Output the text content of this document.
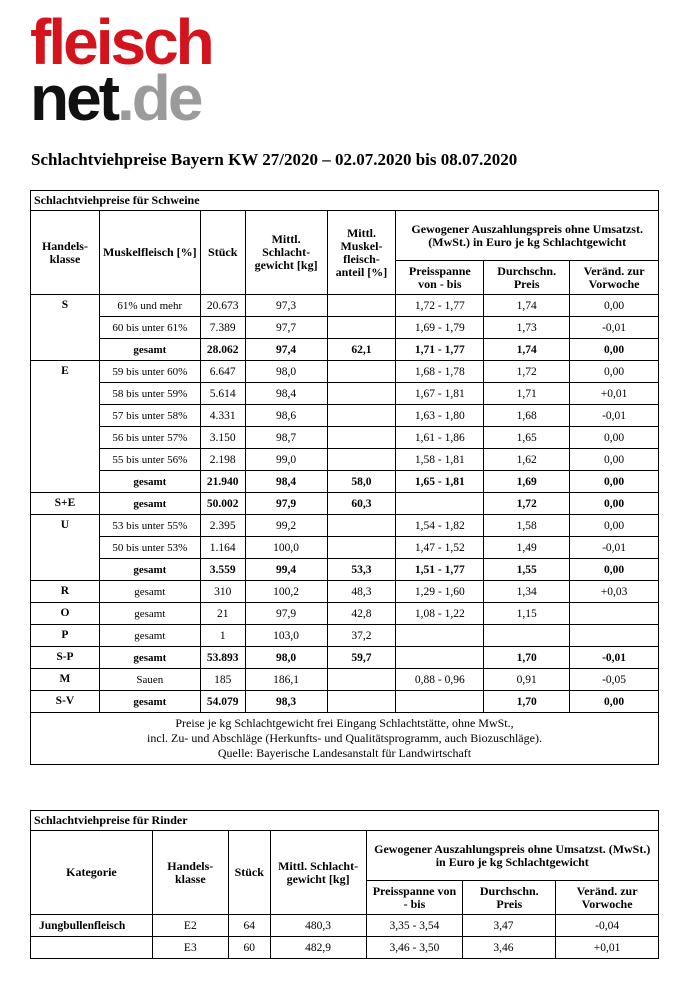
fleisch
net.de
Schlachtviehpreise Bayern KW 27/2020 – 02.07.2020 bis 08.07.2020
Schlachtviehpreise für Schweine							
Handels-klasse	Muskelfleisch [%]	Stück	Mittl. Schlacht-gewicht [kg]	Mittl. Muskel-fleisch-anteil [%]	Gewogener Auszahlungspreis ohne Umsatzst. (MwSt.) in Euro je kg Schlachtgewicht		
					Preisspanne von - bis	Durchschn. Preis	Veränd. zur Vorwoche
S	61% und mehr	20.673	97,3		1,72 - 1,77	1,74	0,00
	60 bis unter 61%	7.389	97,7		1,69 - 1,79	1,73	-0,01
	gesamt	28.062	97,4	62,1	1,71 - 1,77	1,74	0,00
E	59 bis unter 60%	6.647	98,0		1,68 - 1,78	1,72	0,00
	58 bis unter 59%	5.614	98,4		1,67 - 1,81	1,71	+0,01
	57 bis unter 58%	4.331	98,6		1,63 - 1,80	1,68	-0,01
	56 bis unter 57%	3.150	98,7		1,61 - 1,86	1,65	0,00
	55 bis unter 56%	2.198	99,0		1,58 - 1,81	1,62	0,00
	gesamt	21.940	98,4	58,0	1,65 - 1,81	1,69	0,00
S+E	gesamt	50.002	97,9	60,3		1,72	0,00
U	53 bis unter 55%	2.395	99,2		1,54 - 1,82	1,58	0,00
	50 bis unter 53%	1.164	100,0		1,47 - 1,52	1,49	-0,01
	gesamt	3.559	99,4	53,3	1,51 - 1,77	1,55	0,00
R	gesamt	310	100,2	48,3	1,29 - 1,60	1,34	+0,03
O	gesamt	21	97,9	42,8	1,08 - 1,22	1,15	
P	gesamt	1	103,0	37,2			
S-P	gesamt	53.893	98,0	59,7		1,70	-0,01
M	Sauen	185	186,1		0,88 - 0,96	0,91	-0,05
S-V	gesamt	54.079	98,3			1,70	0,00

Preise je kg Schlachtgewicht frei Eingang Schlachtstätte, ohne MwSt.,
incl. Zu- und Abschläge (Herkunfts- und Qualitätsprogramm, auch Biozuschläge).
Quelle: Bayerische Landesanstalt für Landwirtschaft							
Schlachtviehpreise für Rinder						
Kategorie	Handels-klasse	Stück	Mittl. Schlacht-gewicht [kg]	Gewogener Auszahlungspreis ohne Umsatzst. (MwSt.) in Euro je kg Schlachtgewicht		
				Preisspanne von - bis	Durchschn. Preis	Veränd. zur Vorwoche
Jungbullenfleisch	E2	64	480,3	3,35 - 3,54	3,47	-0,04
	E3	60	482,9	3,46 - 3,50	3,46	+0,01
